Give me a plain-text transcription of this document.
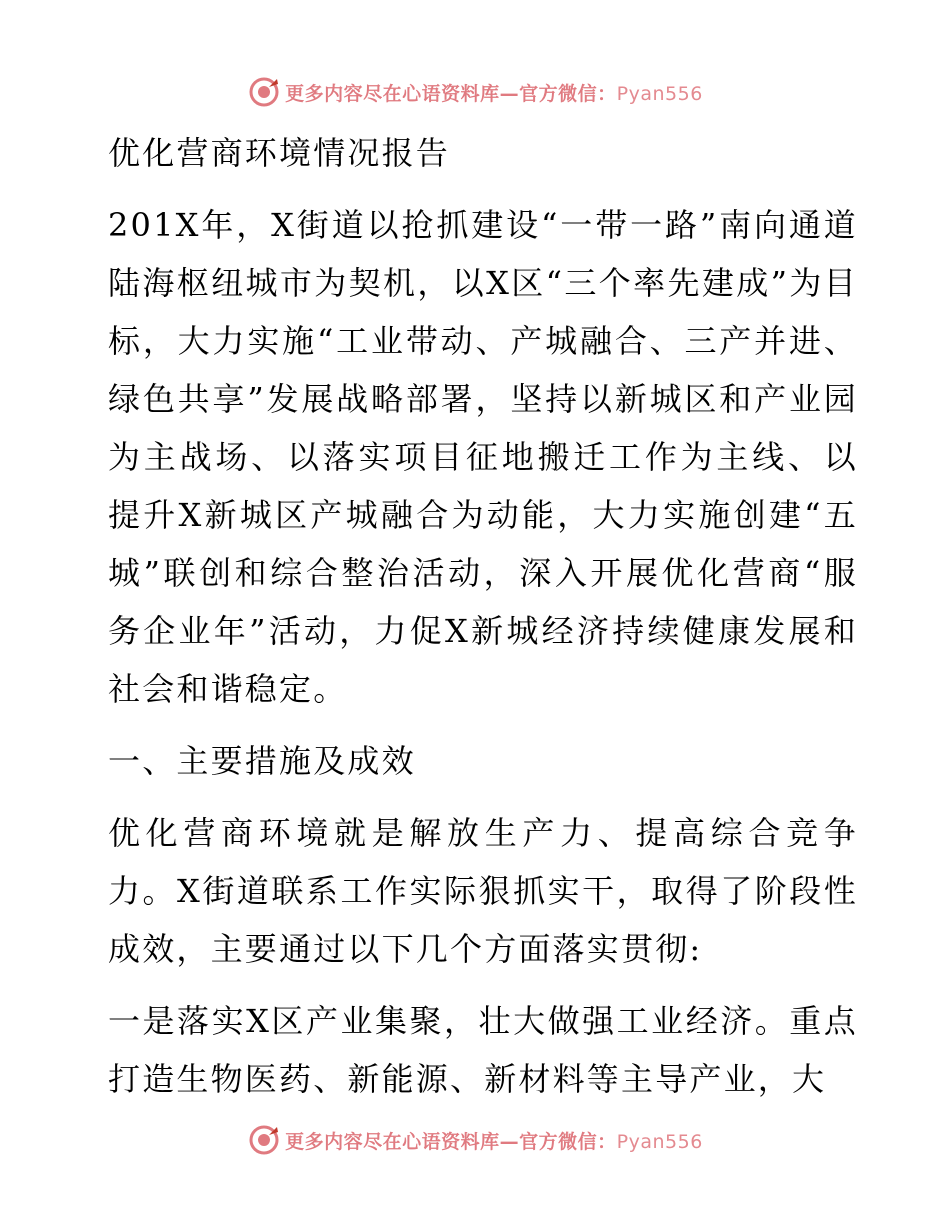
更多内容尽在心语资料库—官方微信：Pyan556

优化营商环境情况报告

201X年，X街道以抢抓建设“一带一路”南向通道陆海枢纽城市为契机，以X区“三个率先建成”为目标，大力实施“工业带动、产城融合、三产并进、绿色共享”发展战略部署，坚持以新城区和产业园为主战场、以落实项目征地搬迁工作为主线、以提升X新城区产城融合为动能，大力实施创建“五城”联创和综合整治活动，深入开展优化营商“服务企业年”活动，力促X新城经济持续健康发展和社会和谐稳定。

一、主要措施及成效

优化营商环境就是解放生产力、提高综合竞争力。X街道联系工作实际狠抓实干，取得了阶段性成效，主要通过以下几个方面落实贯彻:

一是落实X区产业集聚，壮大做强工业经济。重点打造生物医药、新能源、新材料等主导产业，大

更多内容尽在心语资料库—官方微信：Pyan556
